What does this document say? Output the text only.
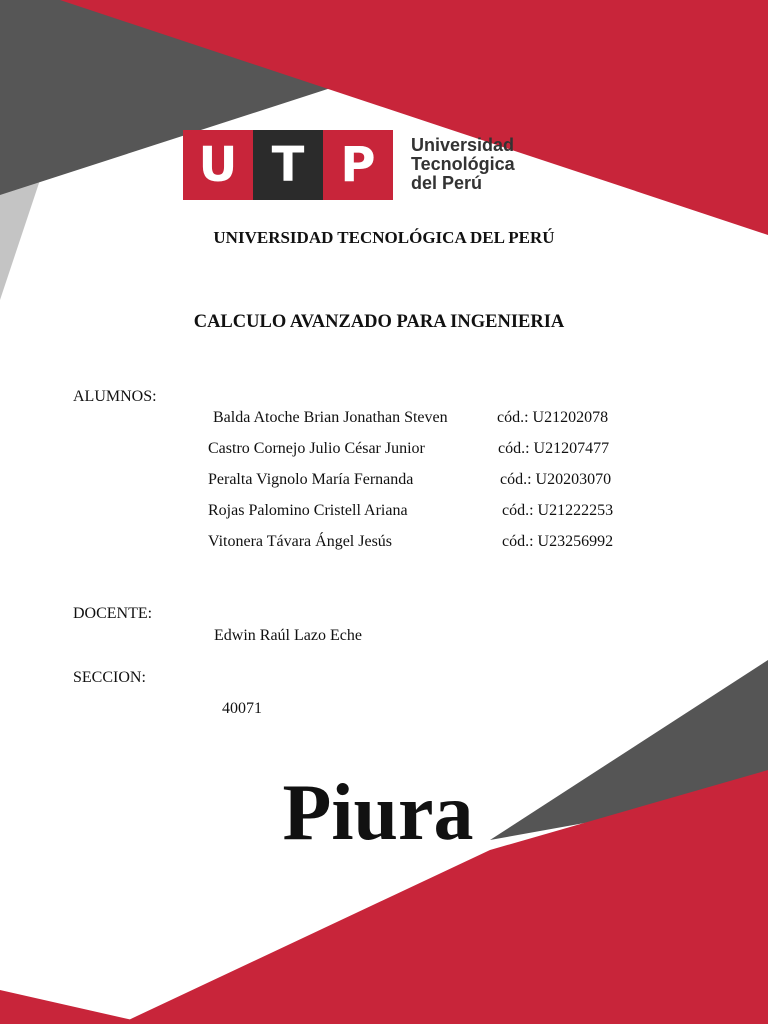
U T P	Universidad
Tecnológica
del Perú
UNIVERSIDAD TECNOLÓGICA DEL PERÚ
CALCULO AVANZADO PARA INGENIERIA
ALUMNOS:
Balda Atoche Brian Jonathan Steven	cód.: U21202078
Castro Cornejo Julio César Junior	cód.: U21207477
Peralta Vignolo María Fernanda	cód.: U20203070
Rojas Palomino Cristell Ariana	cód.: U21222253
Vitonera Távara Ángel Jesús	cód.: U23256992
DOCENTE:
Edwin Raúl Lazo Eche
SECCION:
40071
Piura
